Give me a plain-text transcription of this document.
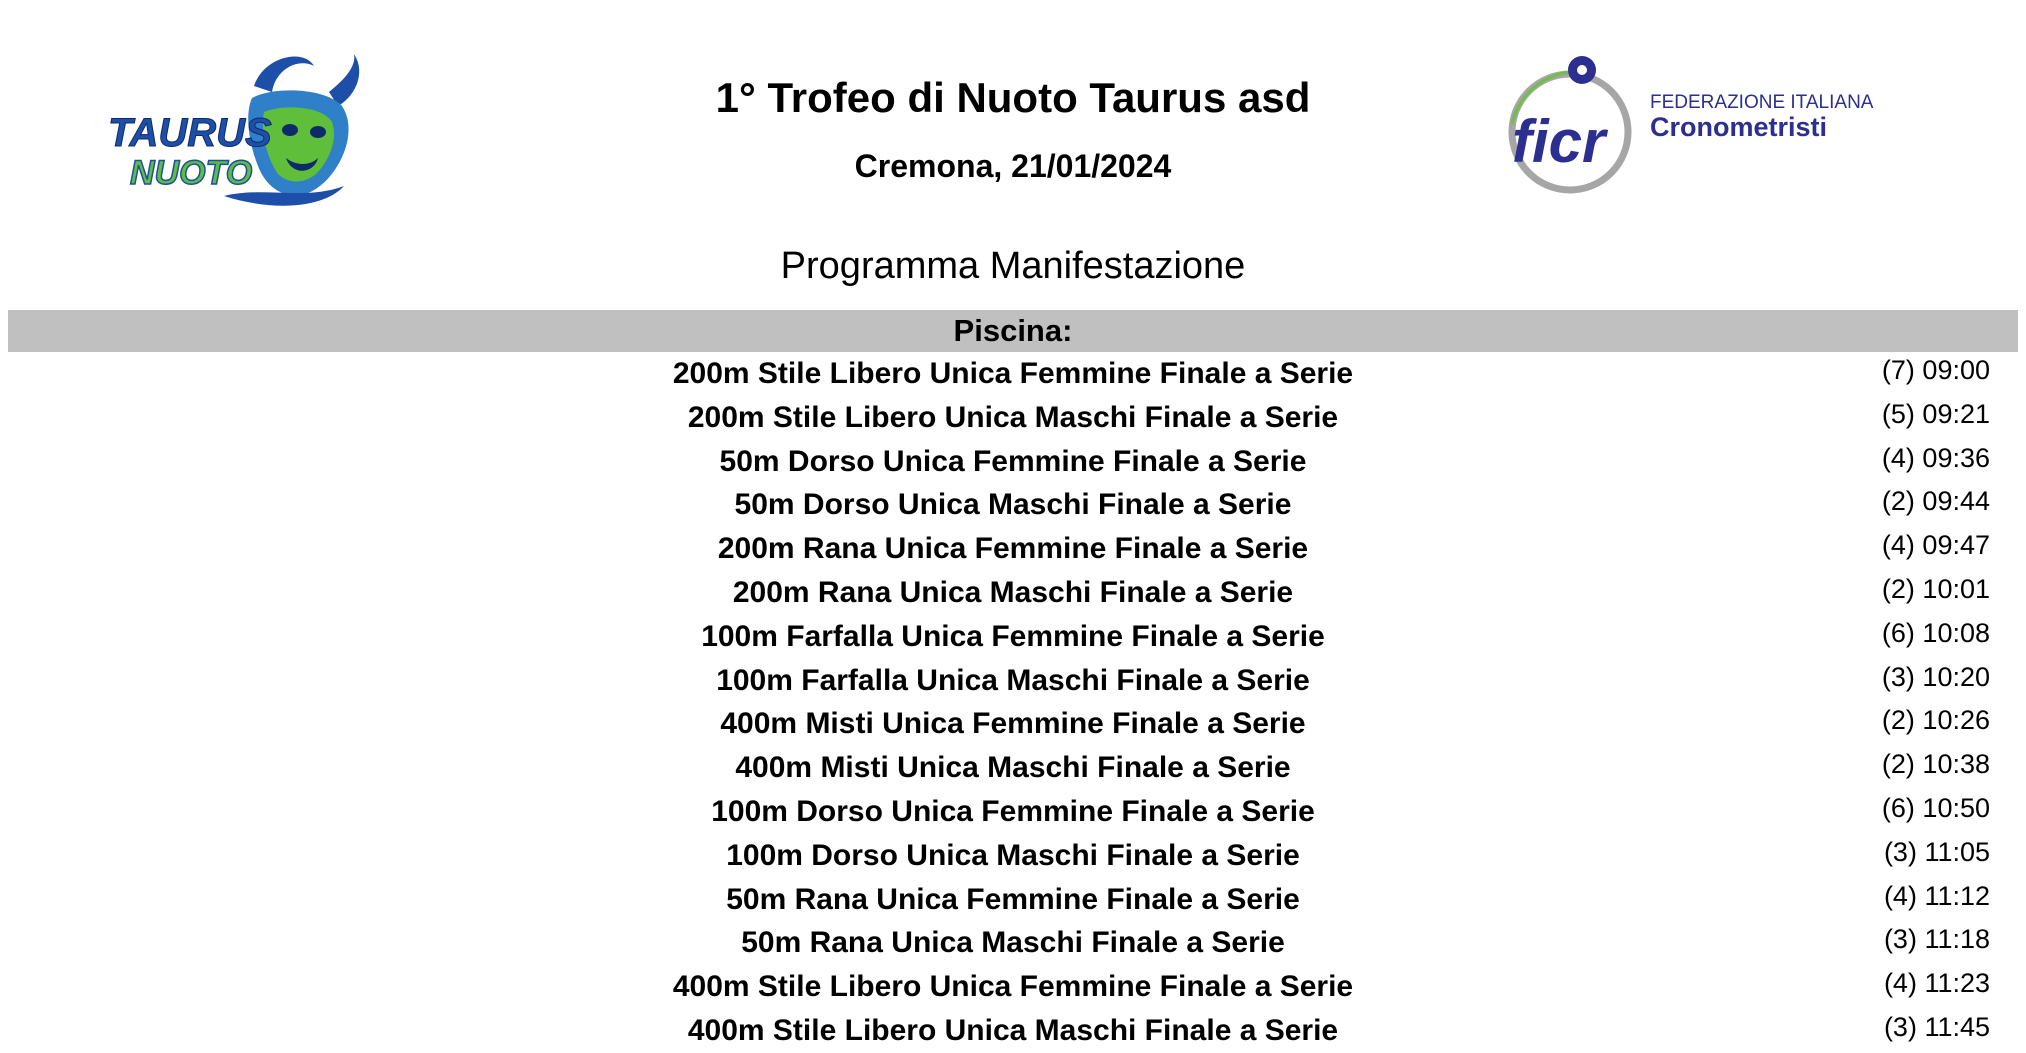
TAURUS
NUOTO
1° Trofeo di Nuoto Taurus asd
Cremona, 21/01/2024	ficr
FEDERAZIONE ITALIANA
Cronometristi
Programma Manifestazione
Piscina:
200m Stile Libero Unica Femmine Finale a Serie	(7) 09:00
200m Stile Libero Unica Maschi Finale a Serie	(5) 09:21
50m Dorso Unica Femmine Finale a Serie	(4) 09:36
50m Dorso Unica Maschi Finale a Serie	(2) 09:44
200m Rana Unica Femmine Finale a Serie	(4) 09:47
200m Rana Unica Maschi Finale a Serie	(2) 10:01
100m Farfalla Unica Femmine Finale a Serie	(6) 10:08
100m Farfalla Unica Maschi Finale a Serie	(3) 10:20
400m Misti Unica Femmine Finale a Serie	(2) 10:26
400m Misti Unica Maschi Finale a Serie	(2) 10:38
100m Dorso Unica Femmine Finale a Serie	(6) 10:50
100m Dorso Unica Maschi Finale a Serie	(3) 11:05
50m Rana Unica Femmine Finale a Serie	(4) 11:12
50m Rana Unica Maschi Finale a Serie	(3) 11:18
400m Stile Libero Unica Femmine Finale a Serie	(4) 11:23
400m Stile Libero Unica Maschi Finale a Serie	(3) 11:45
